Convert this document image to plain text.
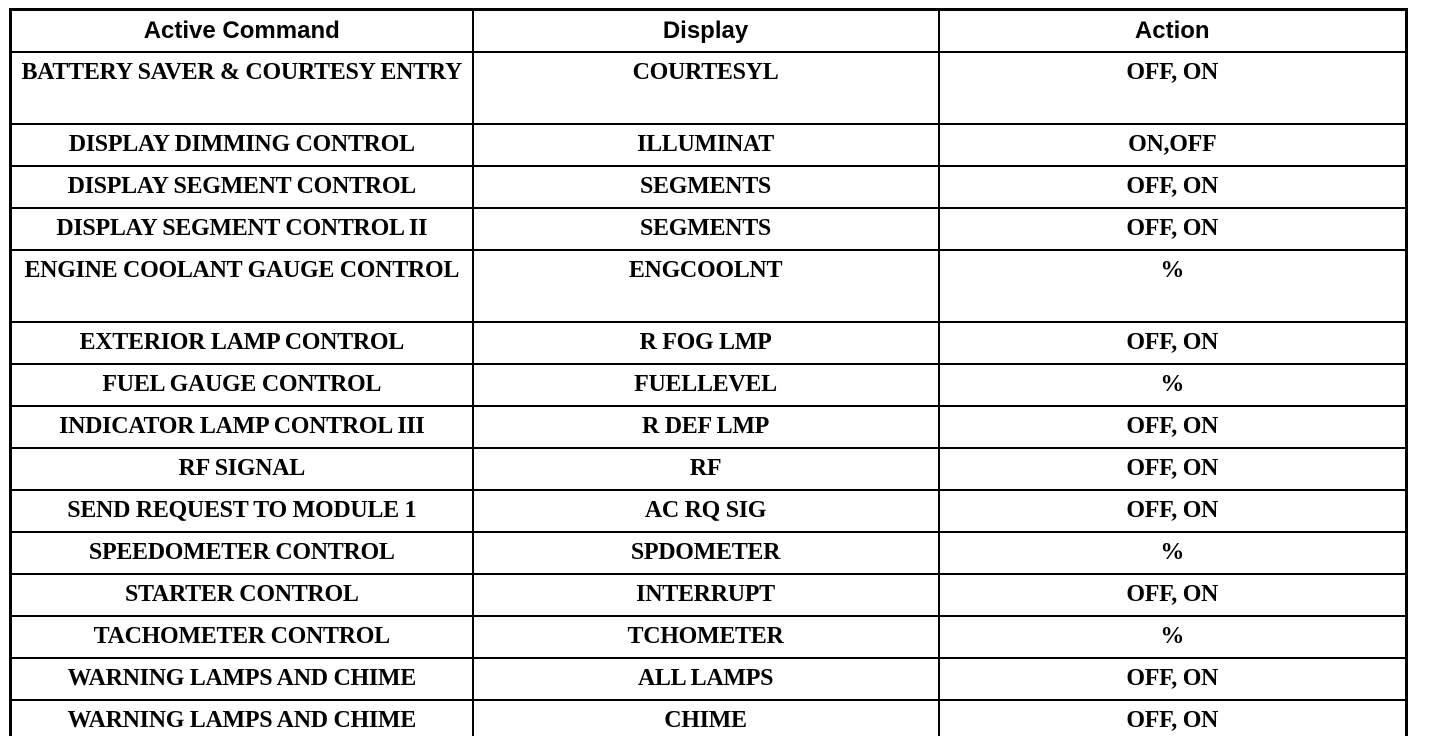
Active Command	Display	Action
BATTERY SAVER & COURTESY ENTRY	COURTESYL	OFF, ON
DISPLAY DIMMING CONTROL	ILLUMINAT	ON,OFF
DISPLAY SEGMENT CONTROL	SEGMENTS	OFF, ON
DISPLAY SEGMENT CONTROL II	SEGMENTS	OFF, ON
ENGINE COOLANT GAUGE CONTROL	ENGCOOLNT	%
EXTERIOR LAMP CONTROL	R FOG LMP	OFF, ON
FUEL GAUGE CONTROL	FUELLEVEL	%
INDICATOR LAMP CONTROL III	R DEF LMP	OFF, ON
RF SIGNAL	RF	OFF, ON
SEND REQUEST TO MODULE 1	AC RQ SIG	OFF, ON
SPEEDOMETER CONTROL	SPDOMETER	%
STARTER CONTROL	INTERRUPT	OFF, ON
TACHOMETER CONTROL	TCHOMETER	%
WARNING LAMPS AND CHIME	ALL LAMPS	OFF, ON
WARNING LAMPS AND CHIME	CHIME	OFF, ON
